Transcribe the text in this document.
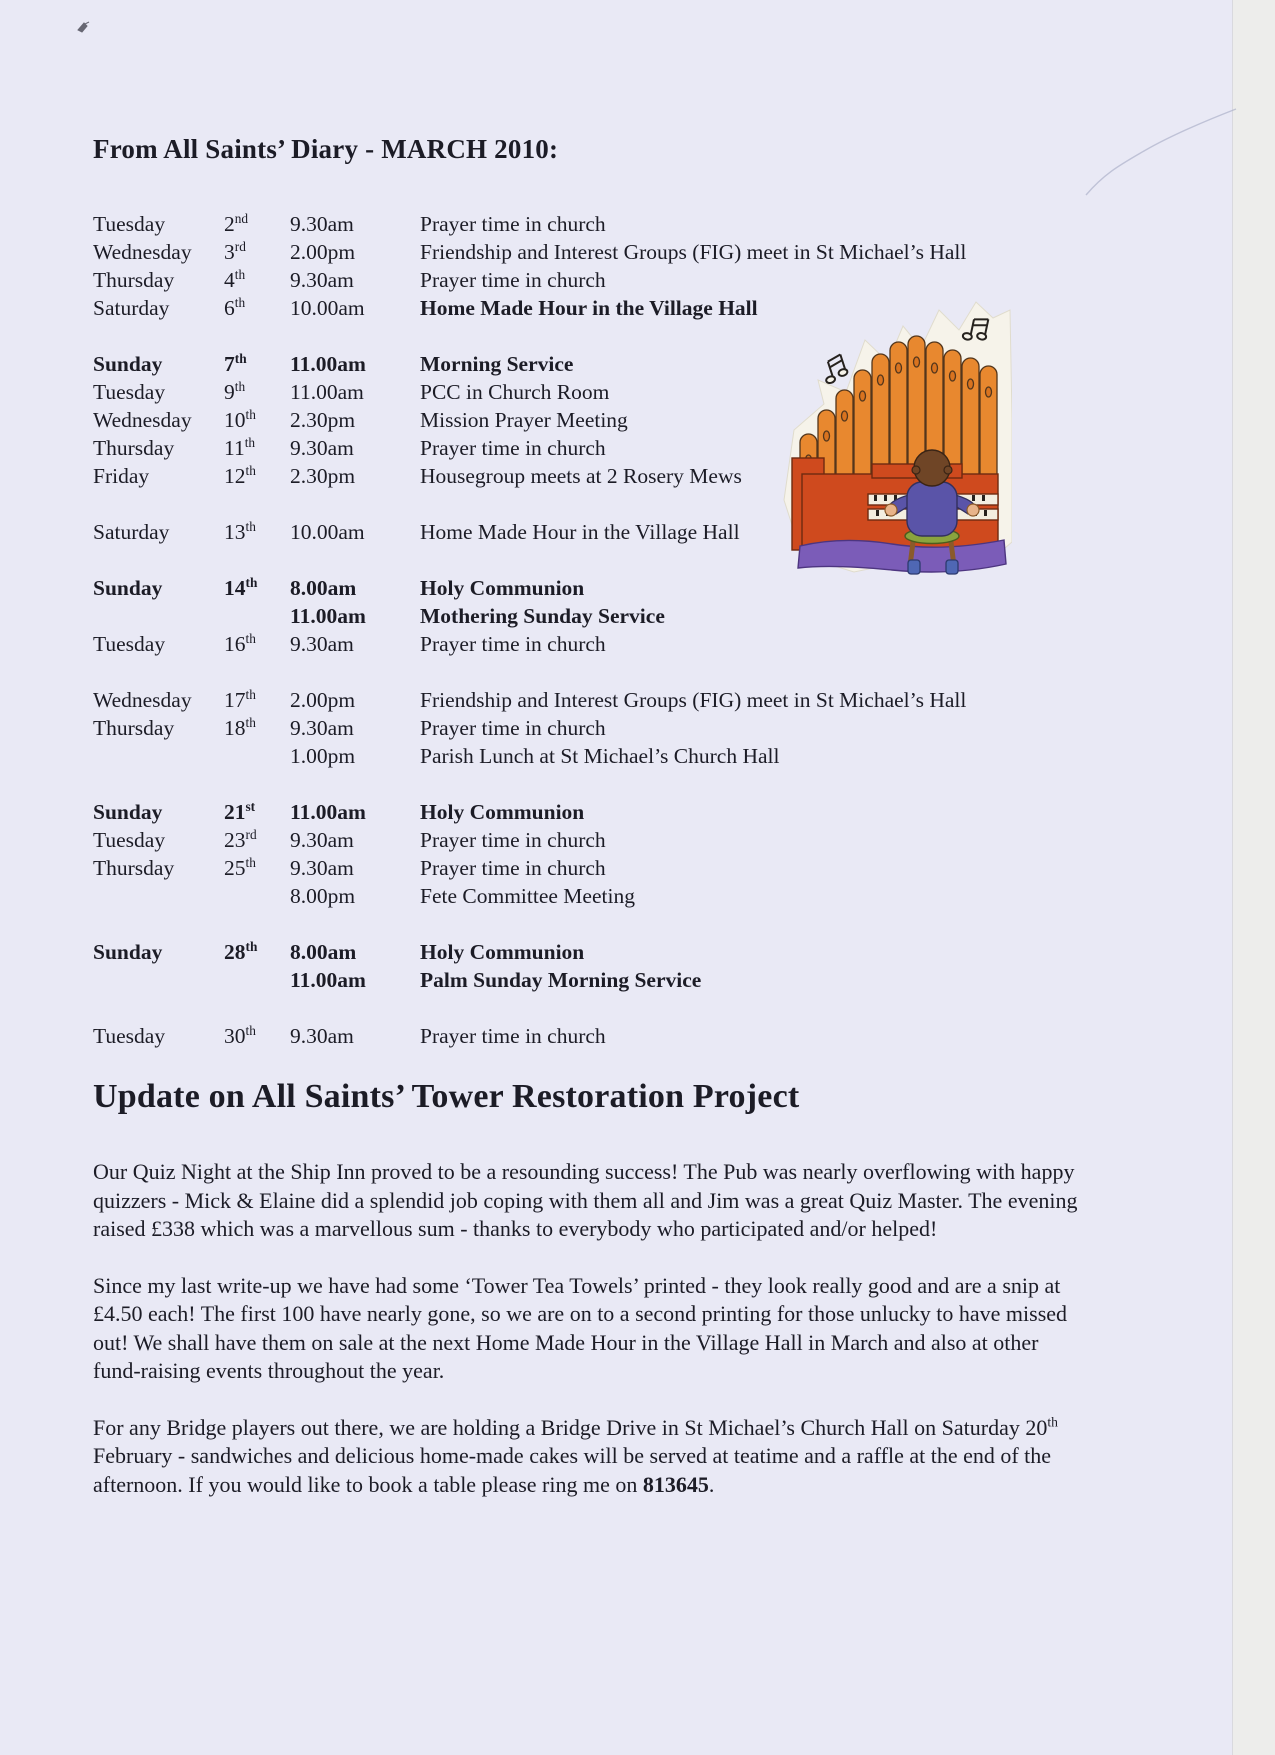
From All Saints’ Diary - MARCH 2010:
Tuesday	2nd	9.30am	Prayer time in church
Wednesday	3rd	2.00pm	Friendship and Interest Groups (FIG) meet in St Michael’s Hall
Thursday	4th	9.30am	Prayer time in church
Saturday	6th	10.00am	Home Made Hour in the Village Hall
Sunday	7th	11.00am	Morning Service
Tuesday	9th	11.00am	PCC in Church Room
Wednesday	10th	2.30pm	Mission Prayer Meeting
Thursday	11th	9.30am	Prayer time in church
Friday	12th	2.30pm	Housegroup meets at 2 Rosery Mews
Saturday	13th	10.00am	Home Made Hour in the Village Hall
Sunday	14th	8.00am	Holy Communion
11.00am	Mothering Sunday Service
Tuesday	16th	9.30am	Prayer time in church
Wednesday	17th	2.00pm	Friendship and Interest Groups (FIG) meet in St Michael’s Hall
Thursday	18th	9.30am	Prayer time in church
1.00pm	Parish Lunch at St Michael’s Church Hall
Sunday	21st	11.00am	Holy Communion
Tuesday	23rd	9.30am	Prayer time in church
Thursday	25th	9.30am	Prayer time in church
8.00pm	Fete Committee Meeting
Sunday	28th	8.00am	Holy Communion
11.00am	Palm Sunday Morning Service
Tuesday	30th	9.30am	Prayer time in church
Update on All Saints’ Tower Restoration Project

Our Quiz Night at the Ship Inn proved to be a resounding success! The Pub was nearly overflowing with happy quizzers - Mick & Elaine did a splendid job coping with them all and Jim was a great Quiz Master. The evening raised £338 which was a marvellous sum - thanks to everybody who participated and/or helped!

Since my last write-up we have had some ‘Tower Tea Towels’ printed - they look really good and are a snip at £4.50 each! The first 100 have nearly gone, so we are on to a second printing for those unlucky to have missed out! We shall have them on sale at the next Home Made Hour in the Village Hall in March and also at other fund-raising events throughout the year.

For any Bridge players out there, we are holding a Bridge Drive in St Michael’s Church Hall on Saturday 20th February - sandwiches and delicious home-made cakes will be served at teatime and a raffle at the end of the afternoon. If you would like to book a table please ring me on 813645.
